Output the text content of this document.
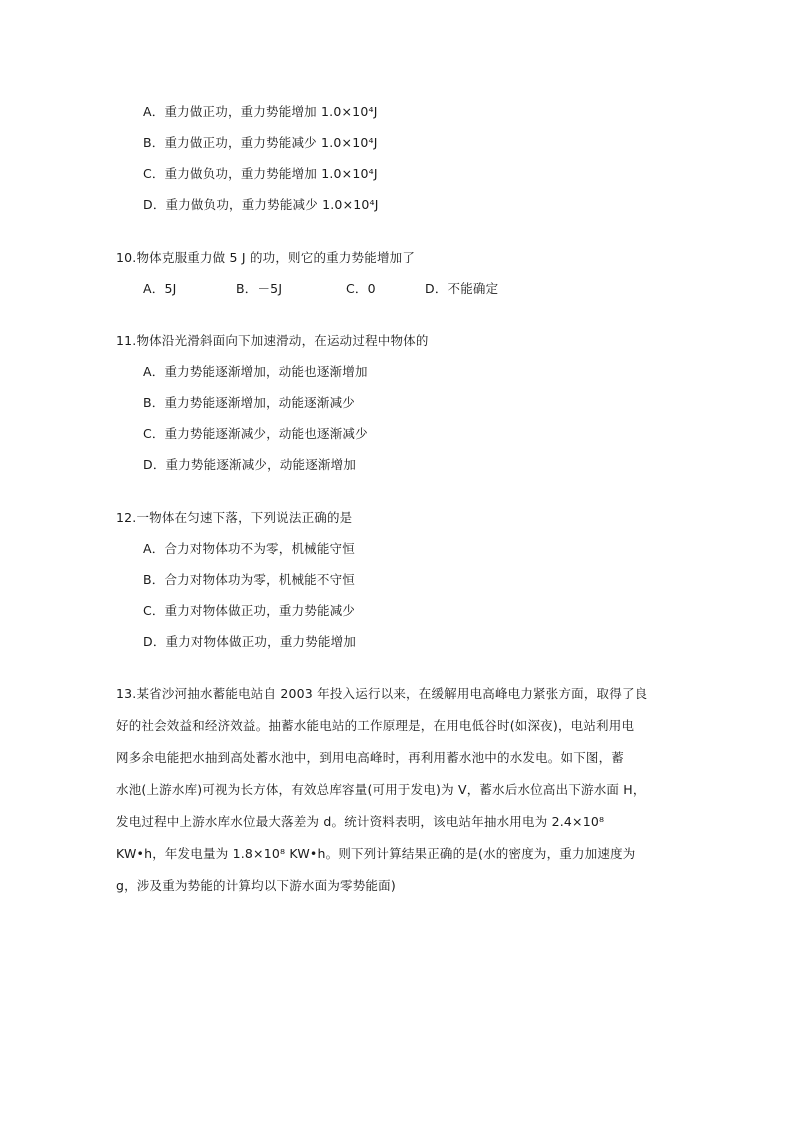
A．重力做正功，重力势能增加 1.0×10⁴J
B．重力做正功，重力势能减少 1.0×10⁴J
C．重力做负功，重力势能增加 1.0×10⁴J
D．重力做负功，重力势能减少 1.0×10⁴J
10.物体克服重力做 5 J 的功，则它的重力势能增加了
A．5J	B．－5J	C．0	D．不能确定
11.物体沿光滑斜面向下加速滑动，在运动过程中物体的
A．重力势能逐渐增加，动能也逐渐增加
B．重力势能逐渐增加，动能逐渐减少
C．重力势能逐渐减少，动能也逐渐减少
D．重力势能逐渐减少，动能逐渐增加
12.一物体在匀速下落，下列说法正确的是
A．合力对物体功不为零，机械能守恒
B．合力对物体功为零，机械能不守恒
C．重力对物体做正功，重力势能减少
D．重力对物体做正功，重力势能增加
13.某省沙河抽水蓄能电站自 2003 年投入运行以来，在缓解用电高峰电力紧张方面，取得了良
好的社会效益和经济效益。抽蓄水能电站的工作原理是，在用电低谷时(如深夜)，电站利用电
网多余电能把水抽到高处蓄水池中，到用电高峰时，再利用蓄水池中的水发电。如下图，蓄
水池(上游水库)可视为长方体，有效总库容量(可用于发电)为 V，蓄水后水位高出下游水面 H，
发电过程中上游水库水位最大落差为 d。统计资料表明，该电站年抽水用电为 2.4×10⁸
KW•h，年发电量为 1.8×10⁸ KW•h。则下列计算结果正确的是(水的密度为，重力加速度为
g，涉及重为势能的计算均以下游水面为零势能面)
